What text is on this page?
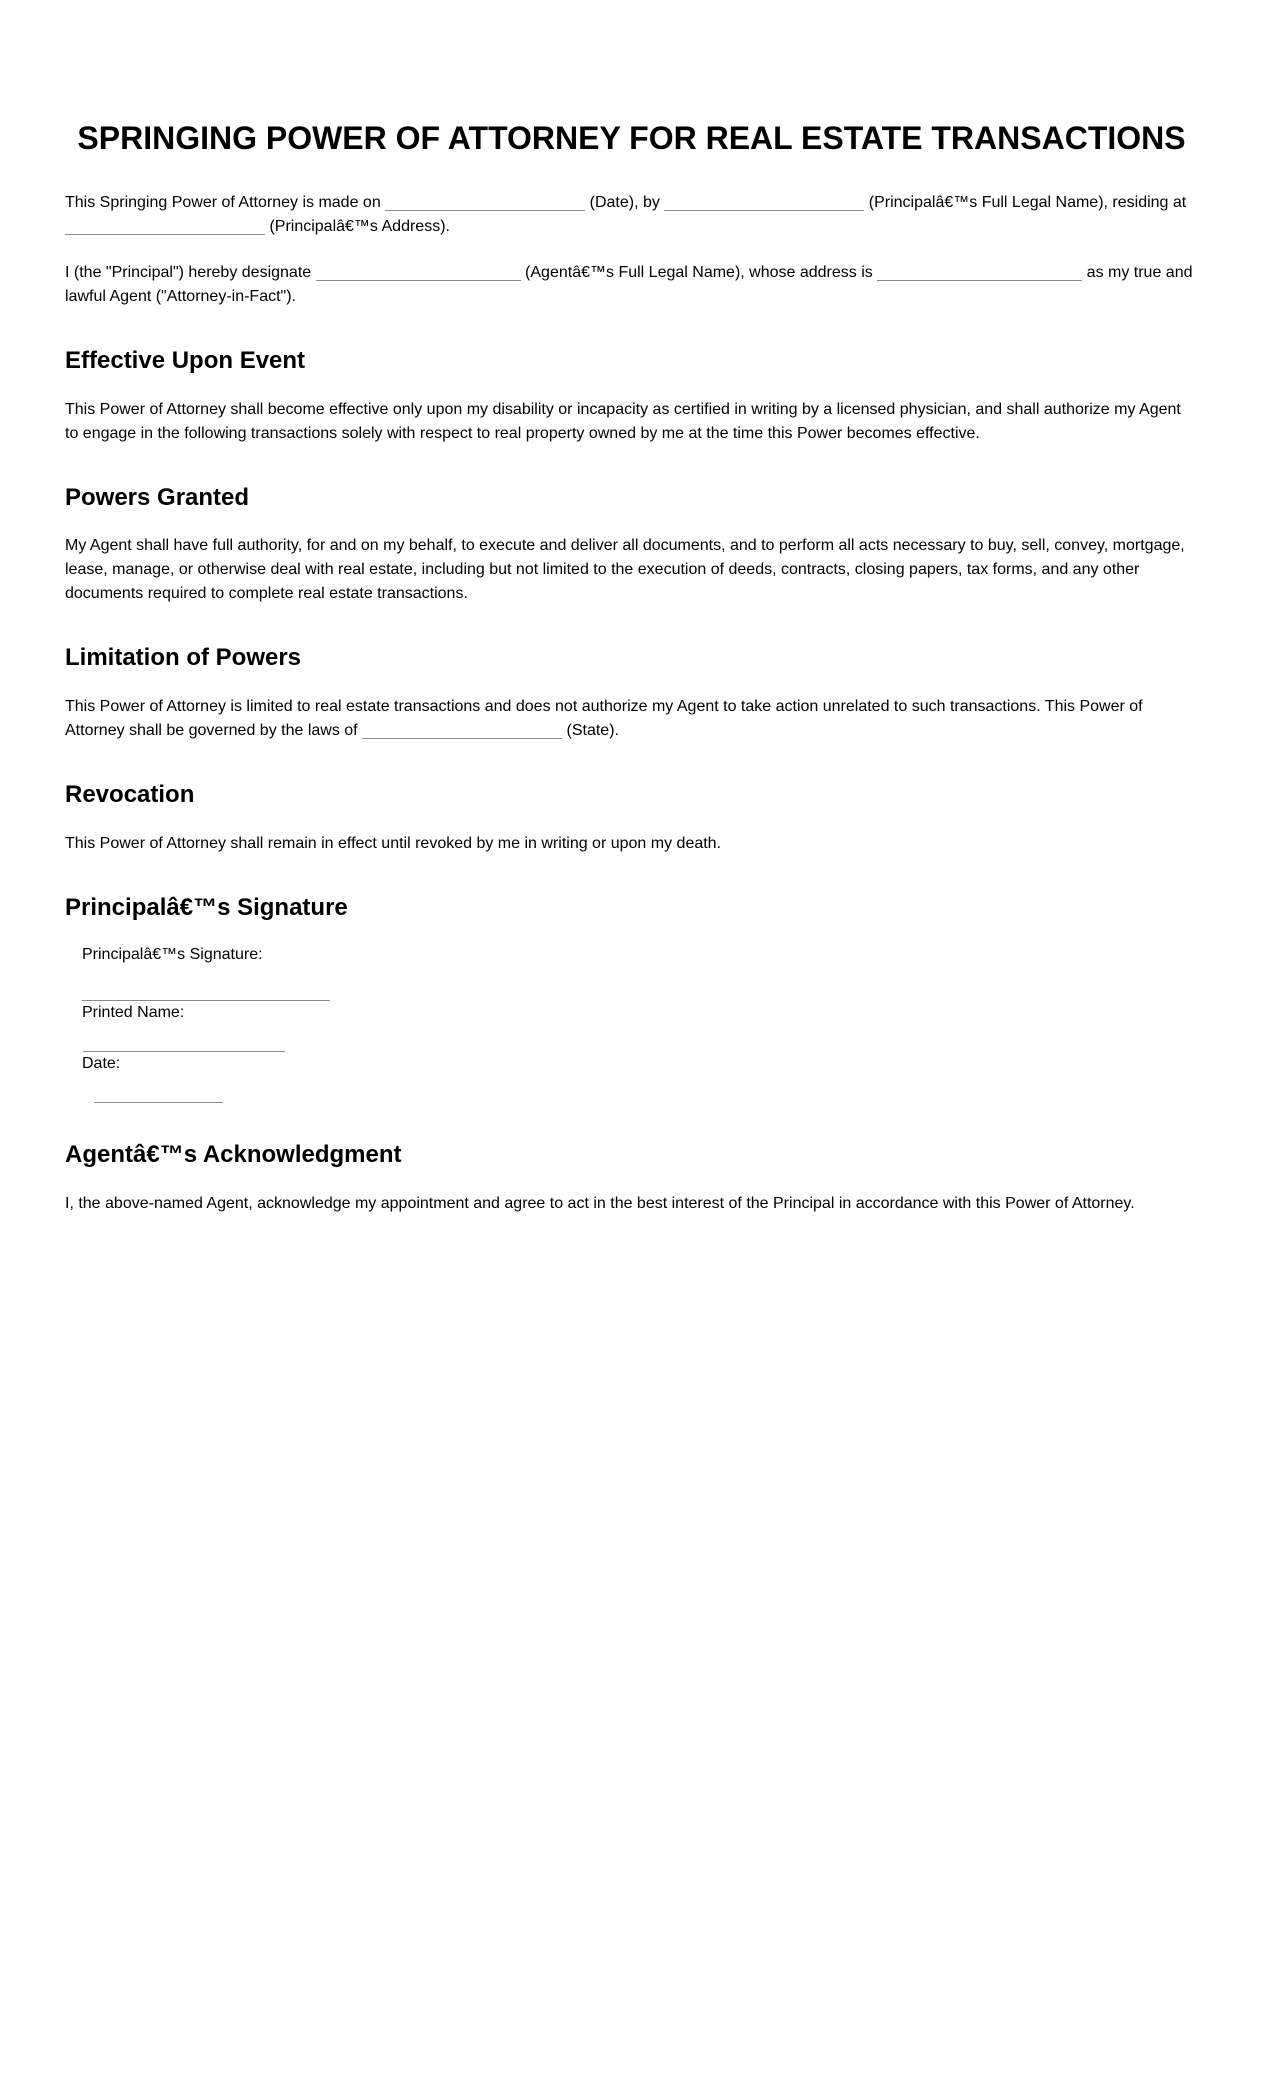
SPRINGING POWER OF ATTORNEY FOR REAL ESTATE TRANSACTIONS

This Springing Power of Attorney is made on	(Date), by	(Principalâ€™s Full Legal Name), residing at  (Principalâ€™s Address).

I (the "Principal") hereby designate	(Agentâ€™s Full Legal Name), whose address is	as my true and lawful Agent ("Attorney-in-Fact").

Effective Upon Event

This Power of Attorney shall become effective only upon my disability or incapacity as certified in writing by a licensed physician, and shall authorize my Agent to engage in the following transactions solely with respect to real property owned by me at the time this Power becomes effective.

Powers Granted

My Agent shall have full authority, for and on my behalf, to execute and deliver all documents, and to perform all acts necessary to buy, sell, convey, mortgage, lease, manage, or otherwise deal with real estate, including but not limited to the execution of deeds, contracts, closing papers, tax forms, and any other documents required to complete real estate transactions.

Limitation of Powers

This Power of Attorney is limited to real estate transactions and does not authorize my Agent to take action unrelated to such transactions. This Power of Attorney shall be governed by the laws of	(State).

Revocation

This Power of Attorney shall remain in effect until revoked by me in writing or upon my death.

Principalâ€™s Signature

Principalâ€™s Signature:

Printed Name:

Date:

Agentâ€™s Acknowledgment

I, the above-named Agent, acknowledge my appointment and agree to act in the best interest of the Principal in accordance with this Power of Attorney.
